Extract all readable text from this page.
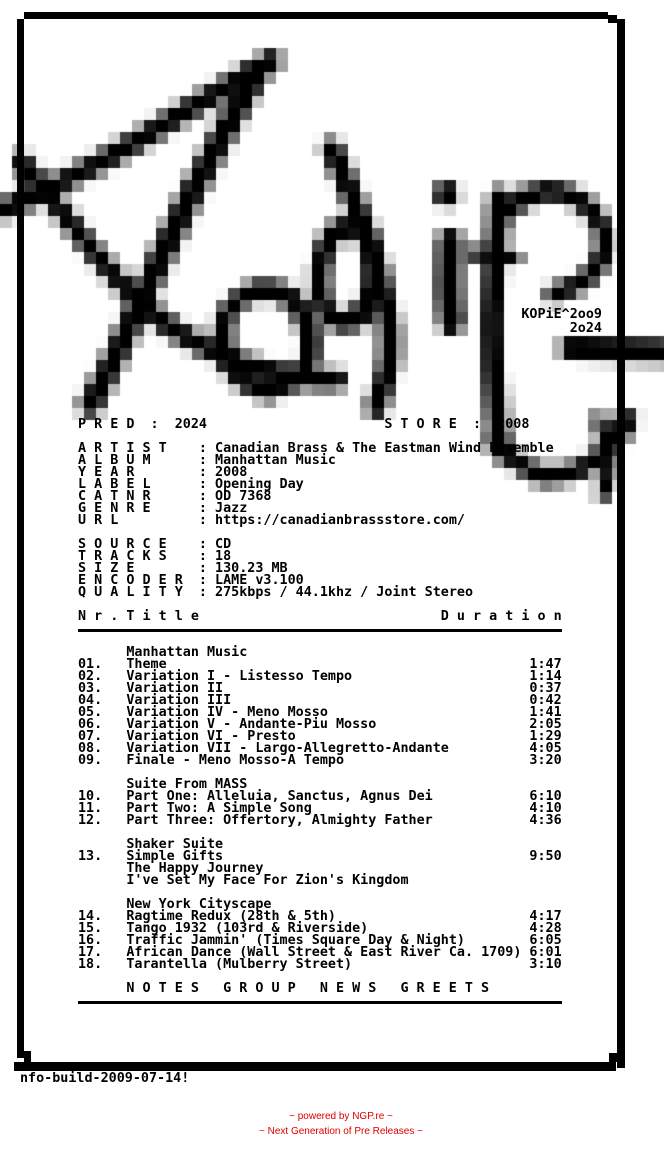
KOPiE^2oo9
2o24
P R E D : 2024	S T O R E : 2008
A R T I S T : Canadian Brass & The Eastman Wind Ensemble
A L B U M	: Manhattan Music
Y E A R	: 2008
L A B E L	: Opening Day
C A T N R	: OD 7368
G E N R E	: Jazz
U R L	: https://canadianbrassstore.com/
S O U R C E : CD
T R A C K S : 18
S I Z E	: 130.23 MB
E N C O D E R : LAME v3.100
Q U A L I T Y : 275kbps / 44.1khz / Joint Stereo
N r . T i t l e	D u r a t i o n
Manhattan Music
01. Theme	1:47
02. Variation I - Listesso Tempo	1:14
03. Variation II	0:37
04. Variation III	0:42
05. Variation IV - Meno Mosso	1:41
06. Variation V - Andante-Piu Mosso	2:05
07. Variation VI - Presto	1:29
08. Variation VII - Largo-Allegretto-Andante	4:05
09. Finale - Meno Mosso-A Tempo	3:20
Suite From MASS
10. Part One: Alleluia, Sanctus, Agnus Dei	6:10
11. Part Two: A Simple Song	4:10
12. Part Three: Offertory, Almighty Father	4:36
Shaker Suite
13. Simple Gifts	9:50
The Happy Journey
I've Set My Face For Zion's Kingdom
New York Cityscape
14. Ragtime Redux (28th & 5th)	4:17
15. Tango 1932 (103rd & Riverside)	4:28
16. Traffic Jammin' (Times Square Day & Night)	6:05
17. African Dance (Wall Street & East River Ca. 1709) 6:01
18. Tarantella (Mulberry Street)	3:10
N O T E S G R O U P N E W S G R E E T S
nfo-build-2009-07-14!
~ powered by NGP.re ~
~ Next Generation of Pre Releases ~
